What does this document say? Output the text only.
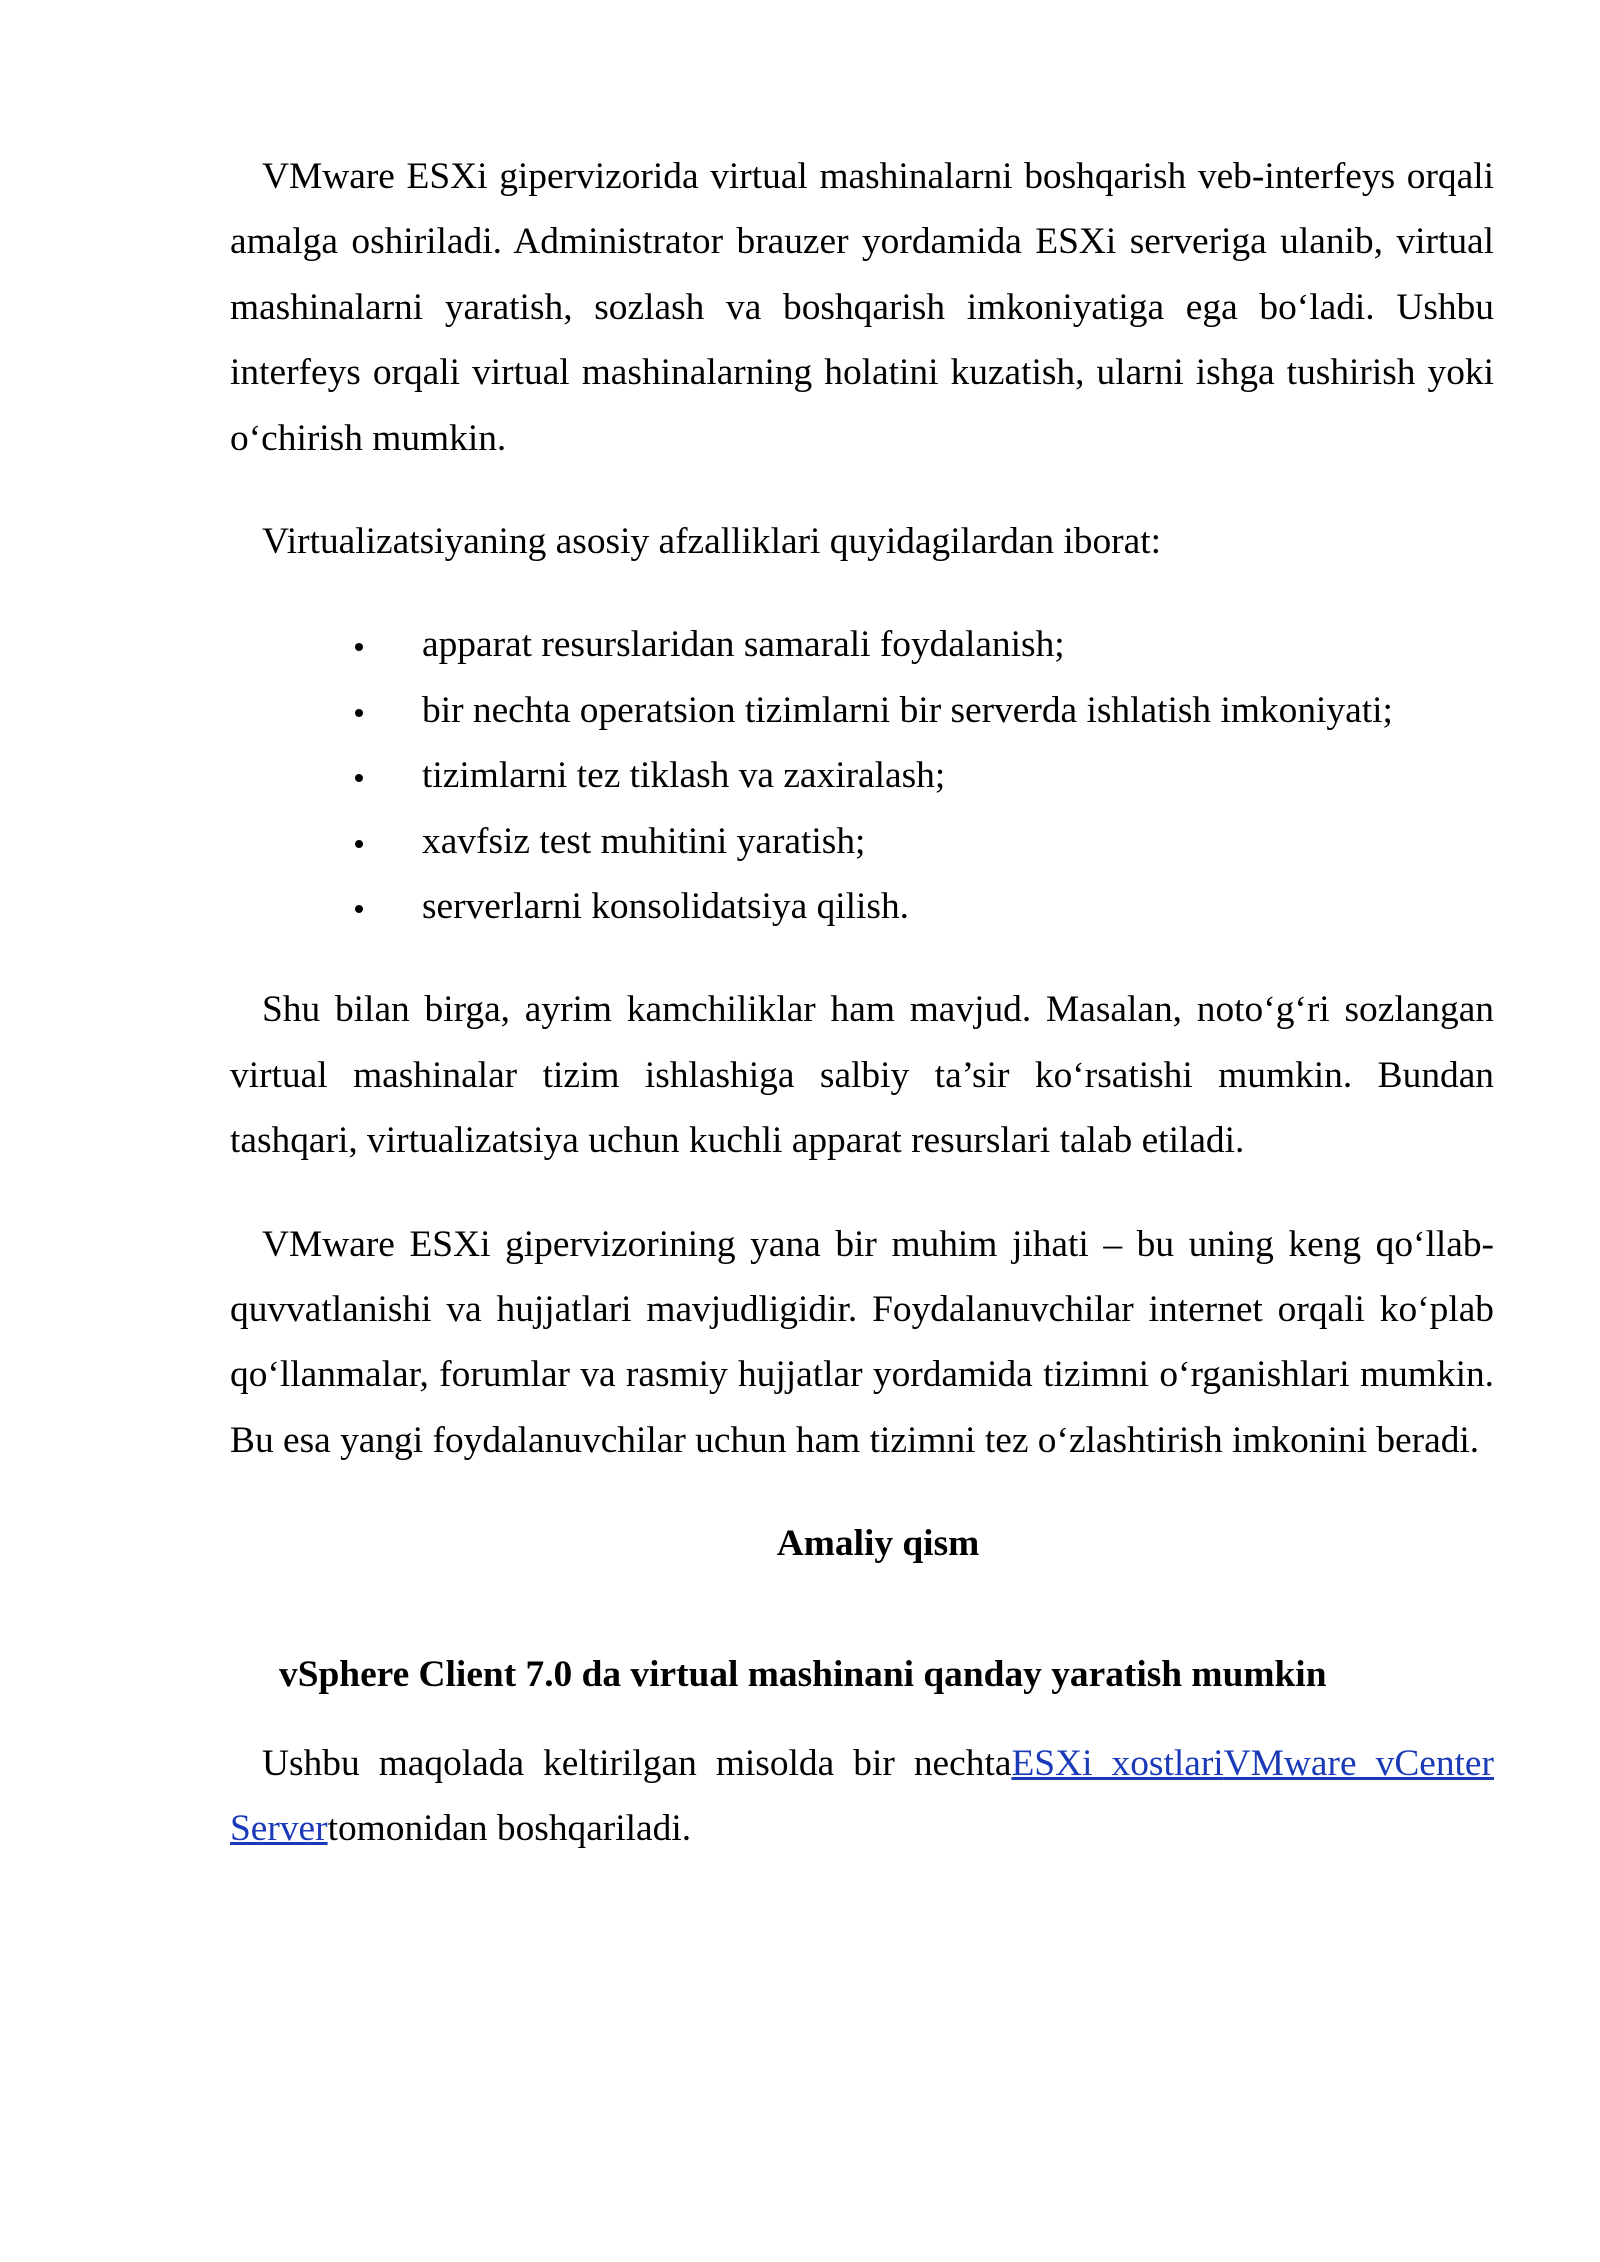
VMware ESXi gipervizorida virtual mashinalarni boshqarish veb-interfeys orqali amalga oshiriladi. Administrator brauzer yordamida ESXi serveriga ulanib, virtual mashinalarni yaratish, sozlash va boshqarish imkoniyatiga ega bo‘ladi. Ushbu interfeys orqali virtual mashinalarning holatini kuzatish, ularni ishga tushirish yoki o‘chirish mumkin.

Virtualizatsiyaning asosiy afzalliklari quyidagilardan iborat:

apparat resurslaridan samarali foydalanish;
bir nechta operatsion tizimlarni bir serverda ishlatish imkoniyati;
tizimlarni tez tiklash va zaxiralash;
xavfsiz test muhitini yaratish;
serverlarni konsolidatsiya qilish.

Shu bilan birga, ayrim kamchiliklar ham mavjud. Masalan, noto‘g‘ri sozlangan virtual mashinalar tizim ishlashiga salbiy ta’sir ko‘rsatishi mumkin. Bundan tashqari, virtualizatsiya uchun kuchli apparat resurslari talab etiladi.

VMware ESXi gipervizorining yana bir muhim jihati – bu uning keng qo‘llab-quvvatlanishi va hujjatlari mavjudligidir. Foydalanuvchilar internet orqali ko‘plab qo‘llanmalar, forumlar va rasmiy hujjatlar yordamida tizimni o‘rganishlari mumkin. Bu esa yangi foydalanuvchilar uchun ham tizimni tez o‘zlashtirish imkonini beradi.

Amaliy qism
vSphere Client 7.0 da virtual mashinani qanday yaratish mumkin

Ushbu maqolada keltirilgan misolda bir nechtaESXi xostlariVMware vCenter Servertomonidan boshqariladi.
